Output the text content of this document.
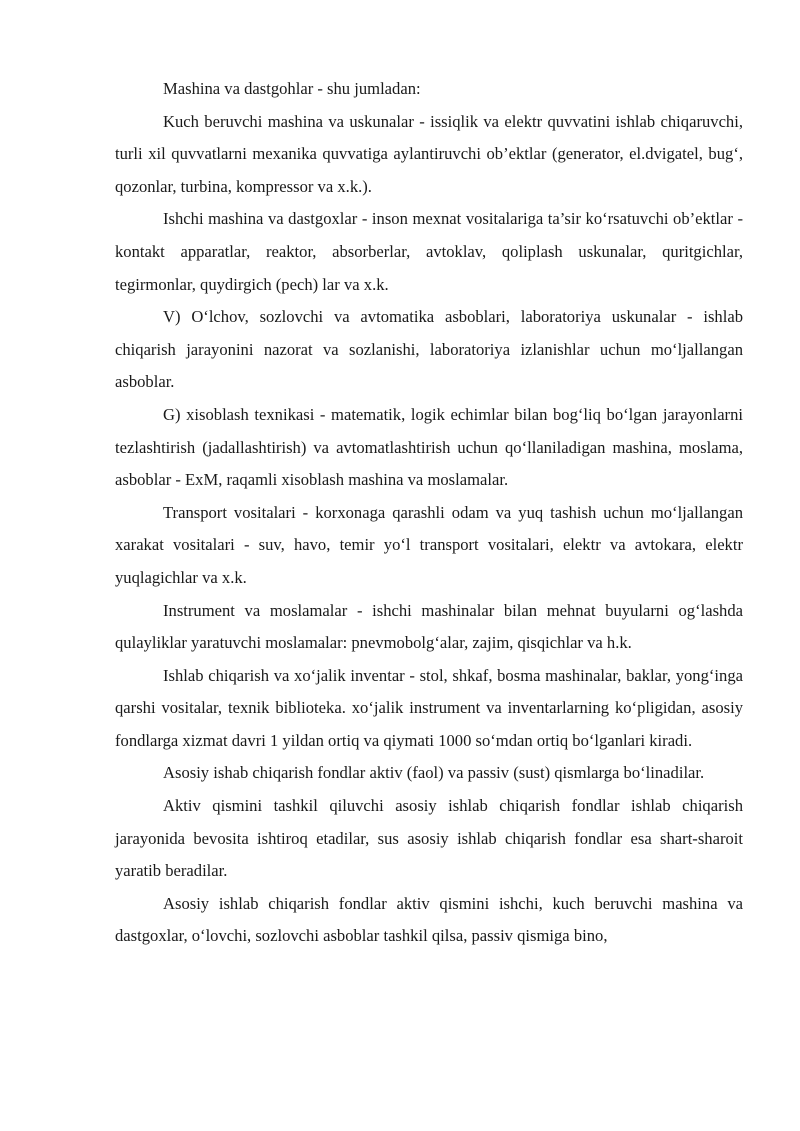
Mashina va dastgohlar - shu jumladan:

Kuch beruvchi mashina va uskunalar - issiqlik va elektr quvvatini ishlab chiqaruvchi, turli xil quvvatlarni mexanika quvvatiga aylantiruvchi ob’ektlar (generator, el.dvigatel, bug‘, qozonlar, turbina, kompressor va x.k.).

Ishchi mashina va dastgoxlar - inson mexnat vositalariga ta’sir ko‘rsatuvchi ob’ektlar - kontakt apparatlar, reaktor, absorberlar, avtoklav, qoliplash uskunalar, quritgichlar, tegirmonlar, quydirgich (pech) lar va x.k.

V) O‘lchov, sozlovchi va avtomatika asboblari, laboratoriya uskunalar - ishlab chiqarish jarayonini nazorat va sozlanishi, laboratoriya izlanishlar uchun mo‘ljallangan asboblar.

G) xisoblash texnikasi - matematik, logik echimlar bilan bog‘liq bo‘lgan jarayonlarni tezlashtirish (jadallashtirish) va avtomatlashtirish uchun qo‘llaniladigan mashina, moslama, asboblar - ExM, raqamli xisoblash mashina va moslamalar.

Transport vositalari - korxonaga qarashli odam va yuq tashish uchun mo‘ljallangan xarakat vositalari - suv, havo, temir yo‘l transport vositalari, elektr va avtokara, elektr yuqlagichlar va x.k.

Instrument va moslamalar - ishchi mashinalar bilan mehnat buyularni og‘lashda qulayliklar yaratuvchi moslamalar: pnevmobolg‘alar, zajim, qisqichlar va h.k.

Ishlab chiqarish va xo‘jalik inventar - stol, shkaf, bosma mashinalar, baklar, yong‘inga qarshi vositalar, texnik biblioteka. xo‘jalik instrument va inventarlarning ko‘pligidan, asosiy fondlarga xizmat davri 1 yildan ortiq va qiymati 1000 so‘mdan ortiq bo‘lganlari kiradi.

Asosiy ishab chiqarish fondlar aktiv (faol) va passiv (sust) qismlarga bo‘linadilar.

Aktiv qismini tashkil qiluvchi asosiy ishlab chiqarish fondlar ishlab chiqarish jarayonida bevosita ishtiroq etadilar, sus asosiy ishlab chiqarish fondlar esa shart-sharoit yaratib beradilar.

Asosiy ishlab chiqarish fondlar aktiv qismini ishchi, kuch beruvchi mashina va dastgoxlar, o‘lovchi, sozlovchi asboblar tashkil qilsa, passiv qismiga bino,
